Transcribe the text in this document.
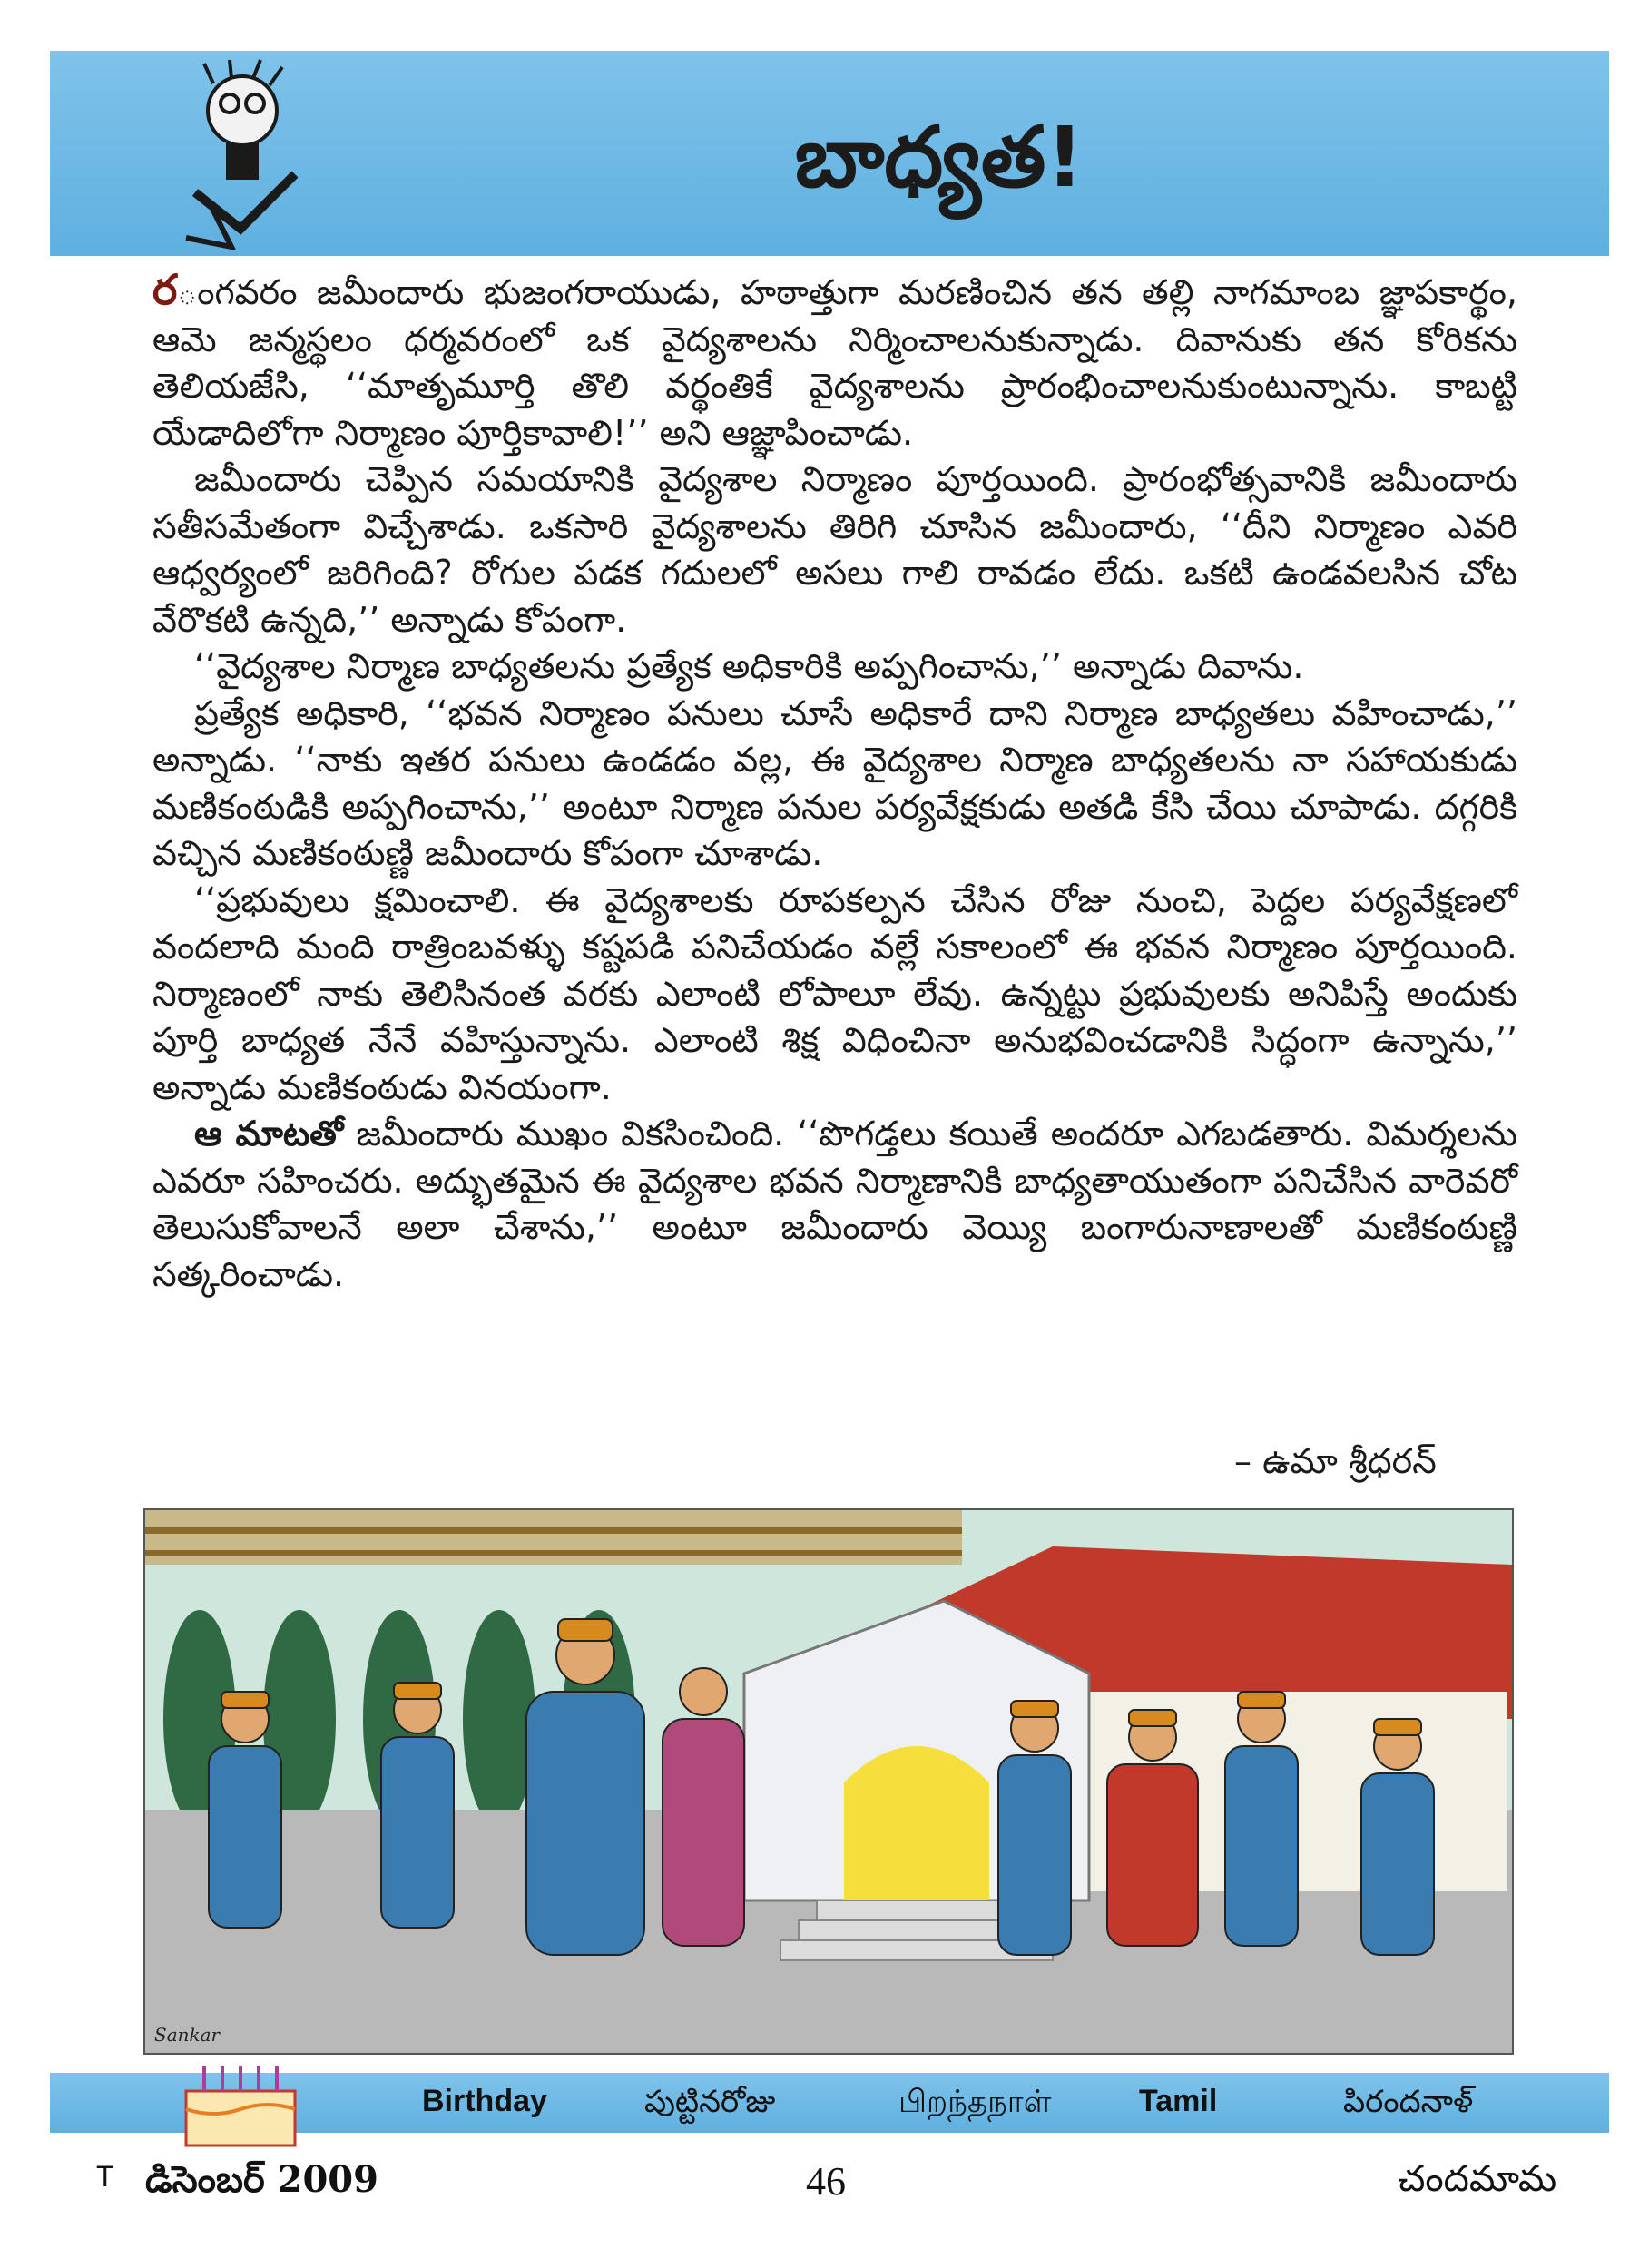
బాధ్యత!

రంగవరం జమీందారు భుజంగరాయుడు, హఠాత్తుగా మరణించిన తన తల్లి నాగమాంబ జ్ఞాపకార్థం, ఆమె జన్మస్థలం ధర్మవరంలో ఒక వైద్యశాలను నిర్మించాలనుకున్నాడు. దివానుకు తన కోరికను తెలియజేసి, ‘‘మాతృమూర్తి తొలి వర్థంతికే వైద్యశాలను ప్రారంభించాలనుకుంటున్నాను. కాబట్టి యేడాదిలోగా నిర్మాణం పూర్తికావాలి!’’ అని ఆజ్ఞాపించాడు.

జమీందారు చెప్పిన సమయానికి వైద్యశాల నిర్మాణం పూర్తయింది. ప్రారంభోత్సవానికి జమీందారు సతీసమేతంగా విచ్చేశాడు. ఒకసారి వైద్యశాలను తిరిగి చూసిన జమీందారు, ‘‘దీని నిర్మాణం ఎవరి ఆధ్వర్యంలో జరిగింది? రోగుల పడక గదులలో అసలు గాలి రావడం లేదు. ఒకటి ఉండవలసిన చోట వేరొకటి ఉన్నది,’’ అన్నాడు కోపంగా.

‘‘వైద్యశాల నిర్మాణ బాధ్యతలను ప్రత్యేక అధికారికి అప్పగించాను,’’ అన్నాడు దివాను.

ప్రత్యేక అధికారి, ‘‘భవన నిర్మాణం పనులు చూసే అధికారే దాని నిర్మాణ బాధ్యతలు వహించాడు,’’ అన్నాడు. ‘‘నాకు ఇతర పనులు ఉండడం వల్ల, ఈ వైద్యశాల నిర్మాణ బాధ్యతలను నా సహాయకుడు మణికంఠుడికి అప్పగించాను,’’ అంటూ నిర్మాణ పనుల పర్యవేక్షకుడు అతడి కేసి చేయి చూపాడు. దగ్గరికి వచ్చిన మణికంఠుణ్ణి జమీందారు కోపంగా చూశాడు.

‘‘ప్రభువులు క్షమించాలి. ఈ వైద్యశాలకు రూపకల్పన చేసిన రోజు నుంచి, పెద్దల పర్యవేక్షణలో వందలాది మంది రాత్రింబవళ్ళు కష్టపడి పనిచేయడం వల్లే సకాలంలో ఈ భవన నిర్మాణం పూర్తయింది. నిర్మాణంలో నాకు తెలిసినంత వరకు ఎలాంటి లోపాలూ లేవు. ఉన్నట్టు ప్రభువులకు అనిపిస్తే అందుకు పూర్తి బాధ్యత నేనే వహిస్తున్నాను. ఎలాంటి శిక్ష విధించినా అనుభవించడానికి సిద్ధంగా ఉన్నాను,’’ అన్నాడు మణికంఠుడు వినయంగా.

ఆ మాటతో జమీందారు ముఖం వికసించింది. ‘‘పొగడ్తలు కయితే అందరూ ఎగబడతారు. విమర్శలను ఎవరూ సహించరు. అద్భుతమైన ఈ వైద్యశాల భవన నిర్మాణానికి బాధ్యతాయుతంగా పనిచేసిన వారెవరో తెలుసుకోవాలనే అలా చేశాను,’’ అంటూ జమీందారు వెయ్యి బంగారునాణాలతో మణికంఠుణ్ణి సత్కరించాడు.

– ఉమా శ్రీధరన్
Sankar
Birthday	పుట్టినరోజు	பிறந்தநாள்	Tamil	పిరందనాళ్
T డిసెంబర్ 2009	46	చందమామ
